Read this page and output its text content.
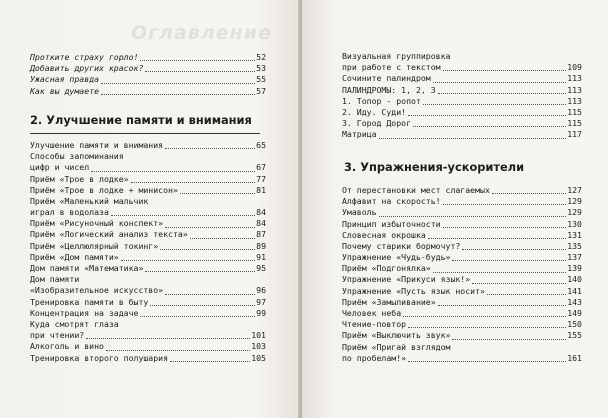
Оглавление
Протките страху горло!	52
Добавить других красок?	53
Ужасная правда	55
Как вы думаете	57
2. Улучшение памяти и внимания
Улучшение памяти и внимания	65
Способы запоминания
цифр и чисел	67
Приём «Трое в лодке»	77
Приём «Трое в лодке + минисон»	81
Приём «Маленький мальчик
играл в водолаза	84
Приём «Рисуночный конспект»	84
Приём «Логический анализ текста»	87
Приём «Целлюлярный токинг»	89
Приём «Дом памяти»	91
Дом памяти «Математика»	95
Дом памяти
«Изобразительное искусство»	96
Тренировка памяти в быту	97
Концентрация на задаче	99
Куда смотрят глаза
при чтении?	101
Алкоголь и вино	103
Тренировка второго полушария	105
Визуальная группировка
при работе с текстом	109
Сочините палиндром	113
ПАЛИНДРОМЫ: 1, 2, 3	113
1. Топор - ропот	113
2. Иду. Суди!	115
3. Город Дорог	115
Матрица	117
3. Упражнения-ускорители
От перестановки мест слагаемых	127
Алфавит на скорость!	129
Умаволь	129
Принцип избыточности	130
Словесная окрошка	131
Почему старики бормочут?	135
Упражнение «Чудь-будь»	137
Приём «Подгонялка»	139
Упражнение «Прикуси язык!»	140
Упражнение «Пусть язык носит»	141
Приём «Замыливание»	143
Человек неба	149
Чтение-повтор	150
Приём «Выключить звук»	155
Приём «Пригай взглядом
по пробелам!»	161
